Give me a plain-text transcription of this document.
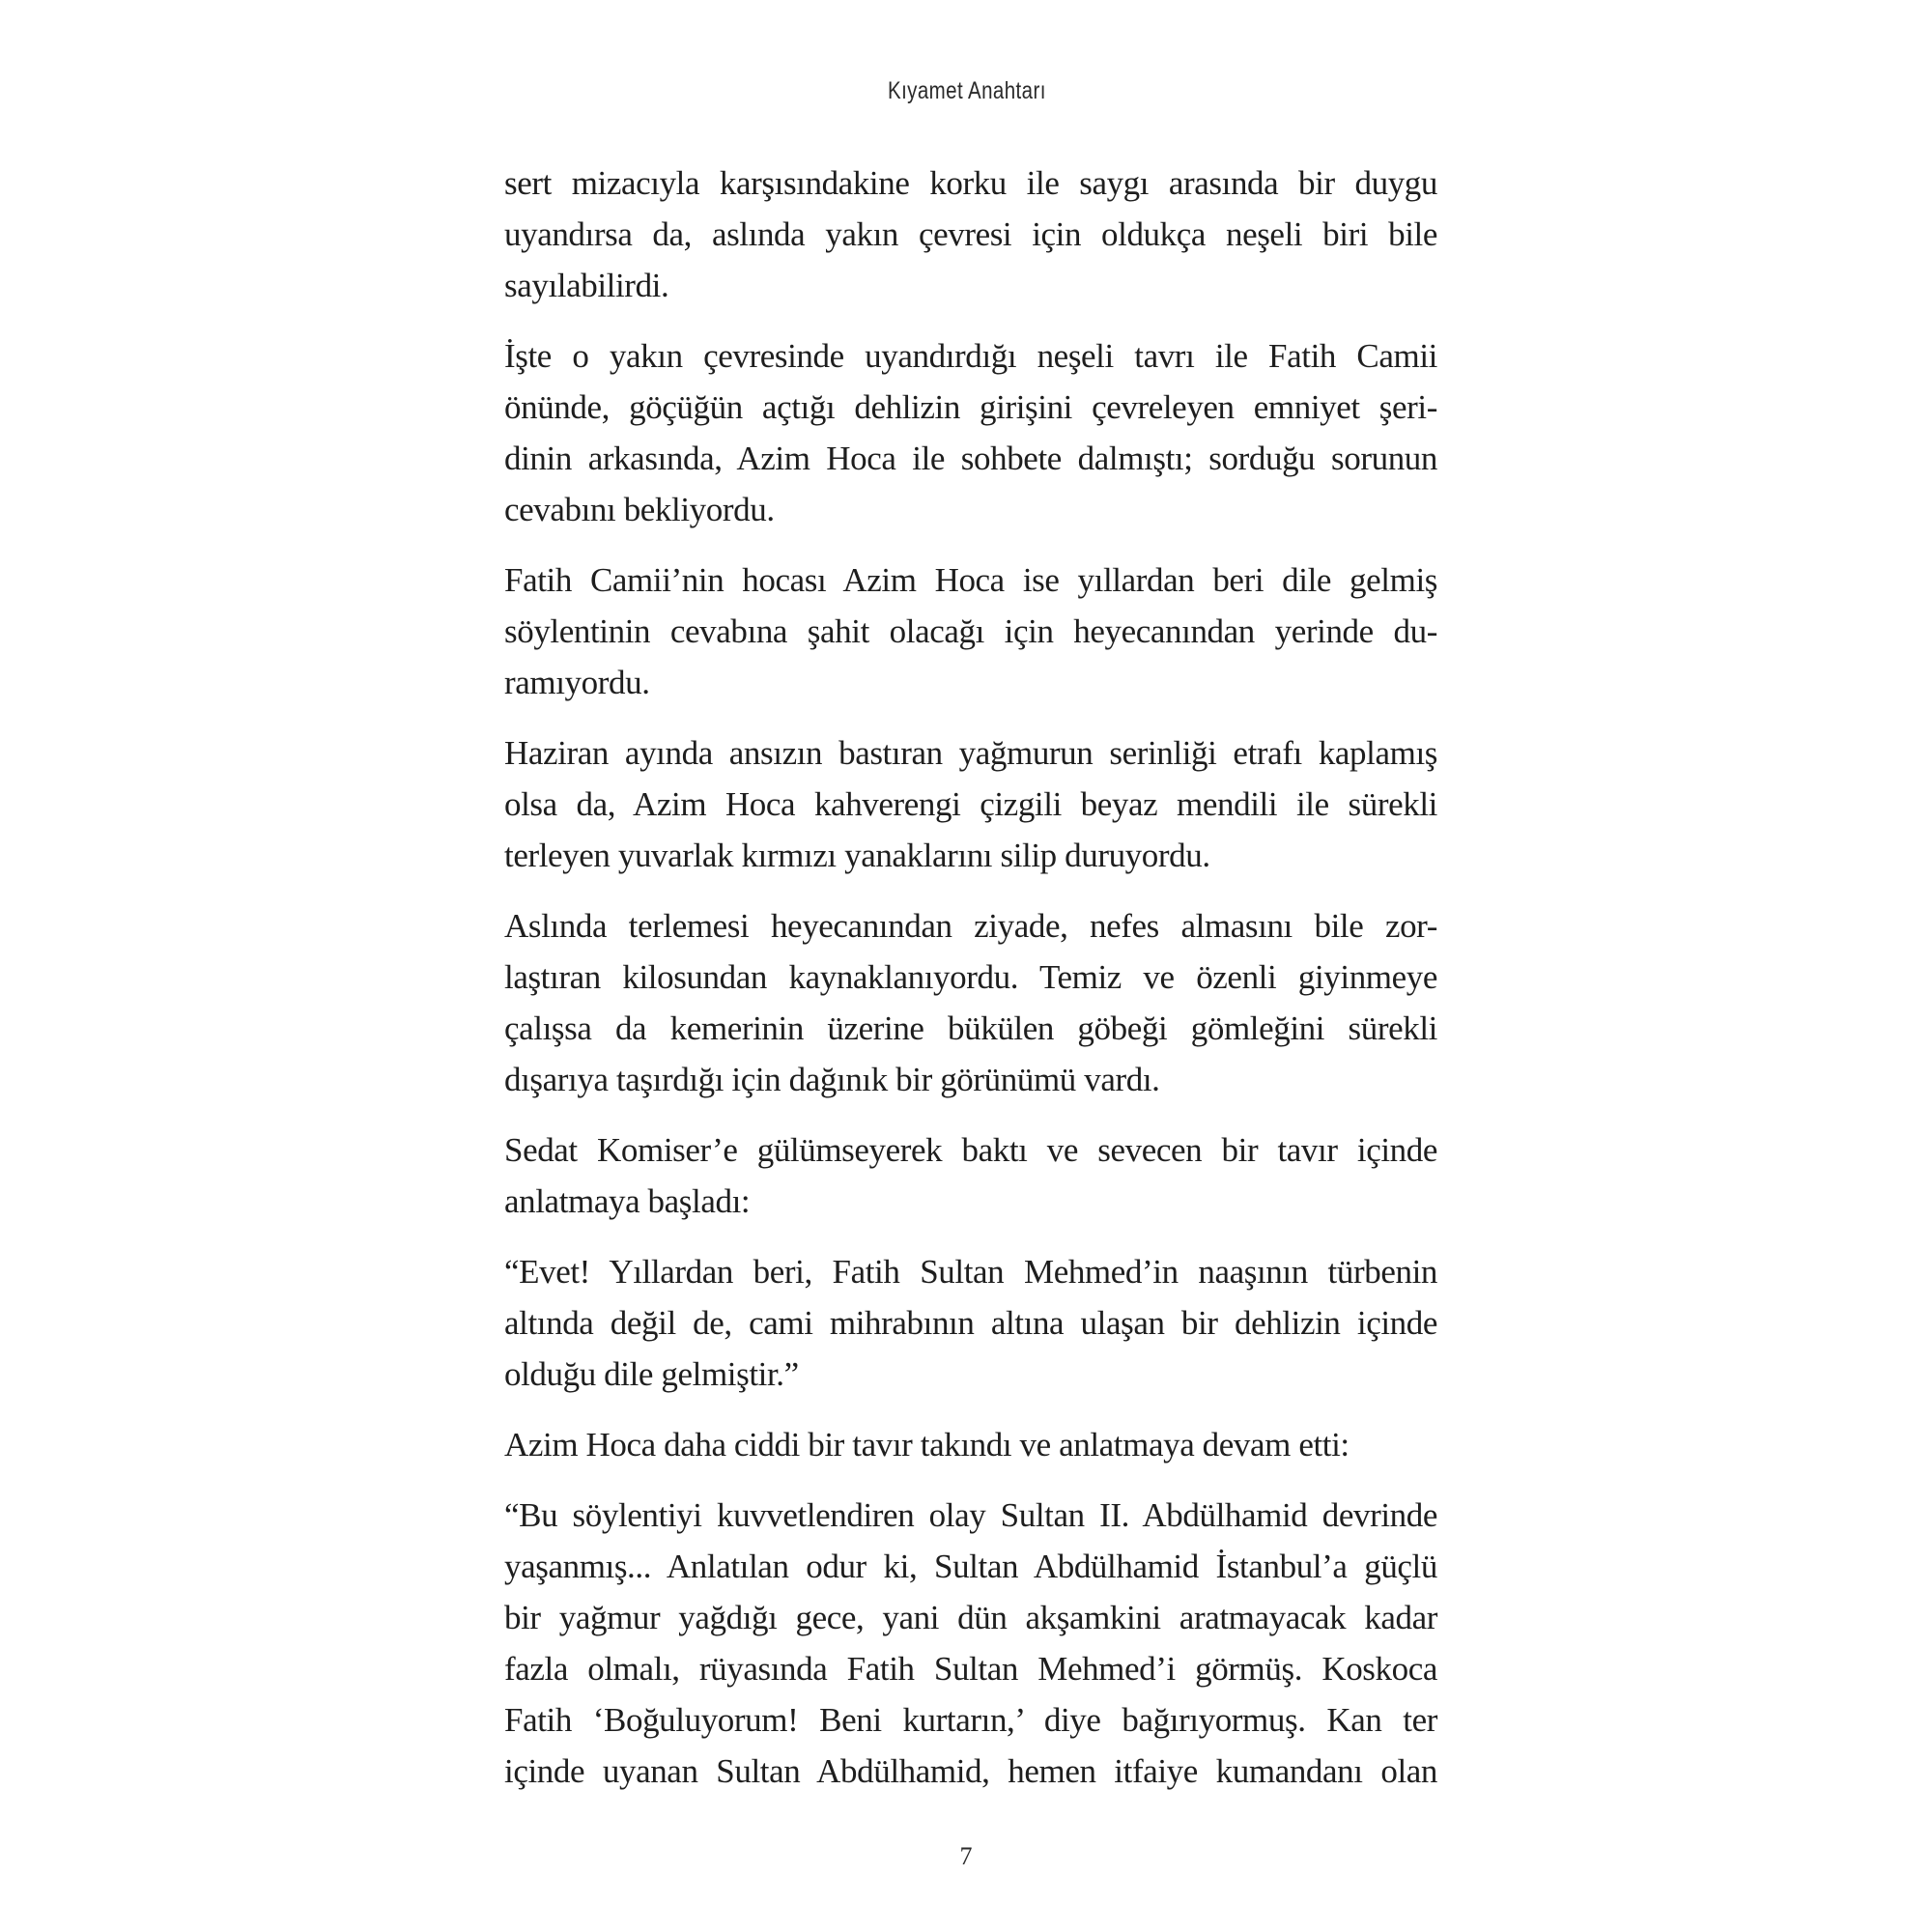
Kıyamet Anahtarı

sert mizacıyla karşısındakine korku ile saygı arasında bir duygu
uyandırsa da, aslında yakın çevresi için oldukça neşeli biri bile
sayılabilirdi.

İşte o yakın çevresinde uyandırdığı neşeli tavrı ile Fatih Camii
önünde, göçüğün açtığı dehlizin girişini çevreleyen emniyet şeri-
dinin arkasında, Azim Hoca ile sohbete dalmıştı; sorduğu sorunun
cevabını bekliyordu.

Fatih Camii’nin hocası Azim Hoca ise yıllardan beri dile gelmiş
söylentinin cevabına şahit olacağı için heyecanından yerinde du-
ramıyordu.

Haziran ayında ansızın bastıran yağmurun serinliği etrafı kaplamış
olsa da, Azim Hoca kahverengi çizgili beyaz mendili ile sürekli
terleyen yuvarlak kırmızı yanaklarını silip duruyordu.

Aslında terlemesi heyecanından ziyade, nefes almasını bile zor-
laştıran kilosundan kaynaklanıyordu. Temiz ve özenli giyinmeye
çalışsa da kemerinin üzerine bükülen göbeği gömleğini sürekli
dışarıya taşırdığı için dağınık bir görünümü vardı.

Sedat Komiser’e gülümseyerek baktı ve sevecen bir tavır içinde
anlatmaya başladı:

“Evet! Yıllardan beri, Fatih Sultan Mehmed’in naaşının türbenin
altında değil de, cami mihrabının altına ulaşan bir dehlizin içinde
olduğu dile gelmiştir.”

Azim Hoca daha ciddi bir tavır takındı ve anlatmaya devam etti:

“Bu söylentiyi kuvvetlendiren olay Sultan II. Abdülhamid devrinde
yaşanmış... Anlatılan odur ki, Sultan Abdülhamid İstanbul’a güçlü
bir yağmur yağdığı gece, yani dün akşamkini aratmayacak kadar
fazla olmalı, rüyasında Fatih Sultan Mehmed’i görmüş. Koskoca
Fatih ‘Boğuluyorum! Beni kurtarın,’ diye bağırıyormuş. Kan ter
içinde uyanan Sultan Abdülhamid, hemen itfaiye kumandanı olan

7
